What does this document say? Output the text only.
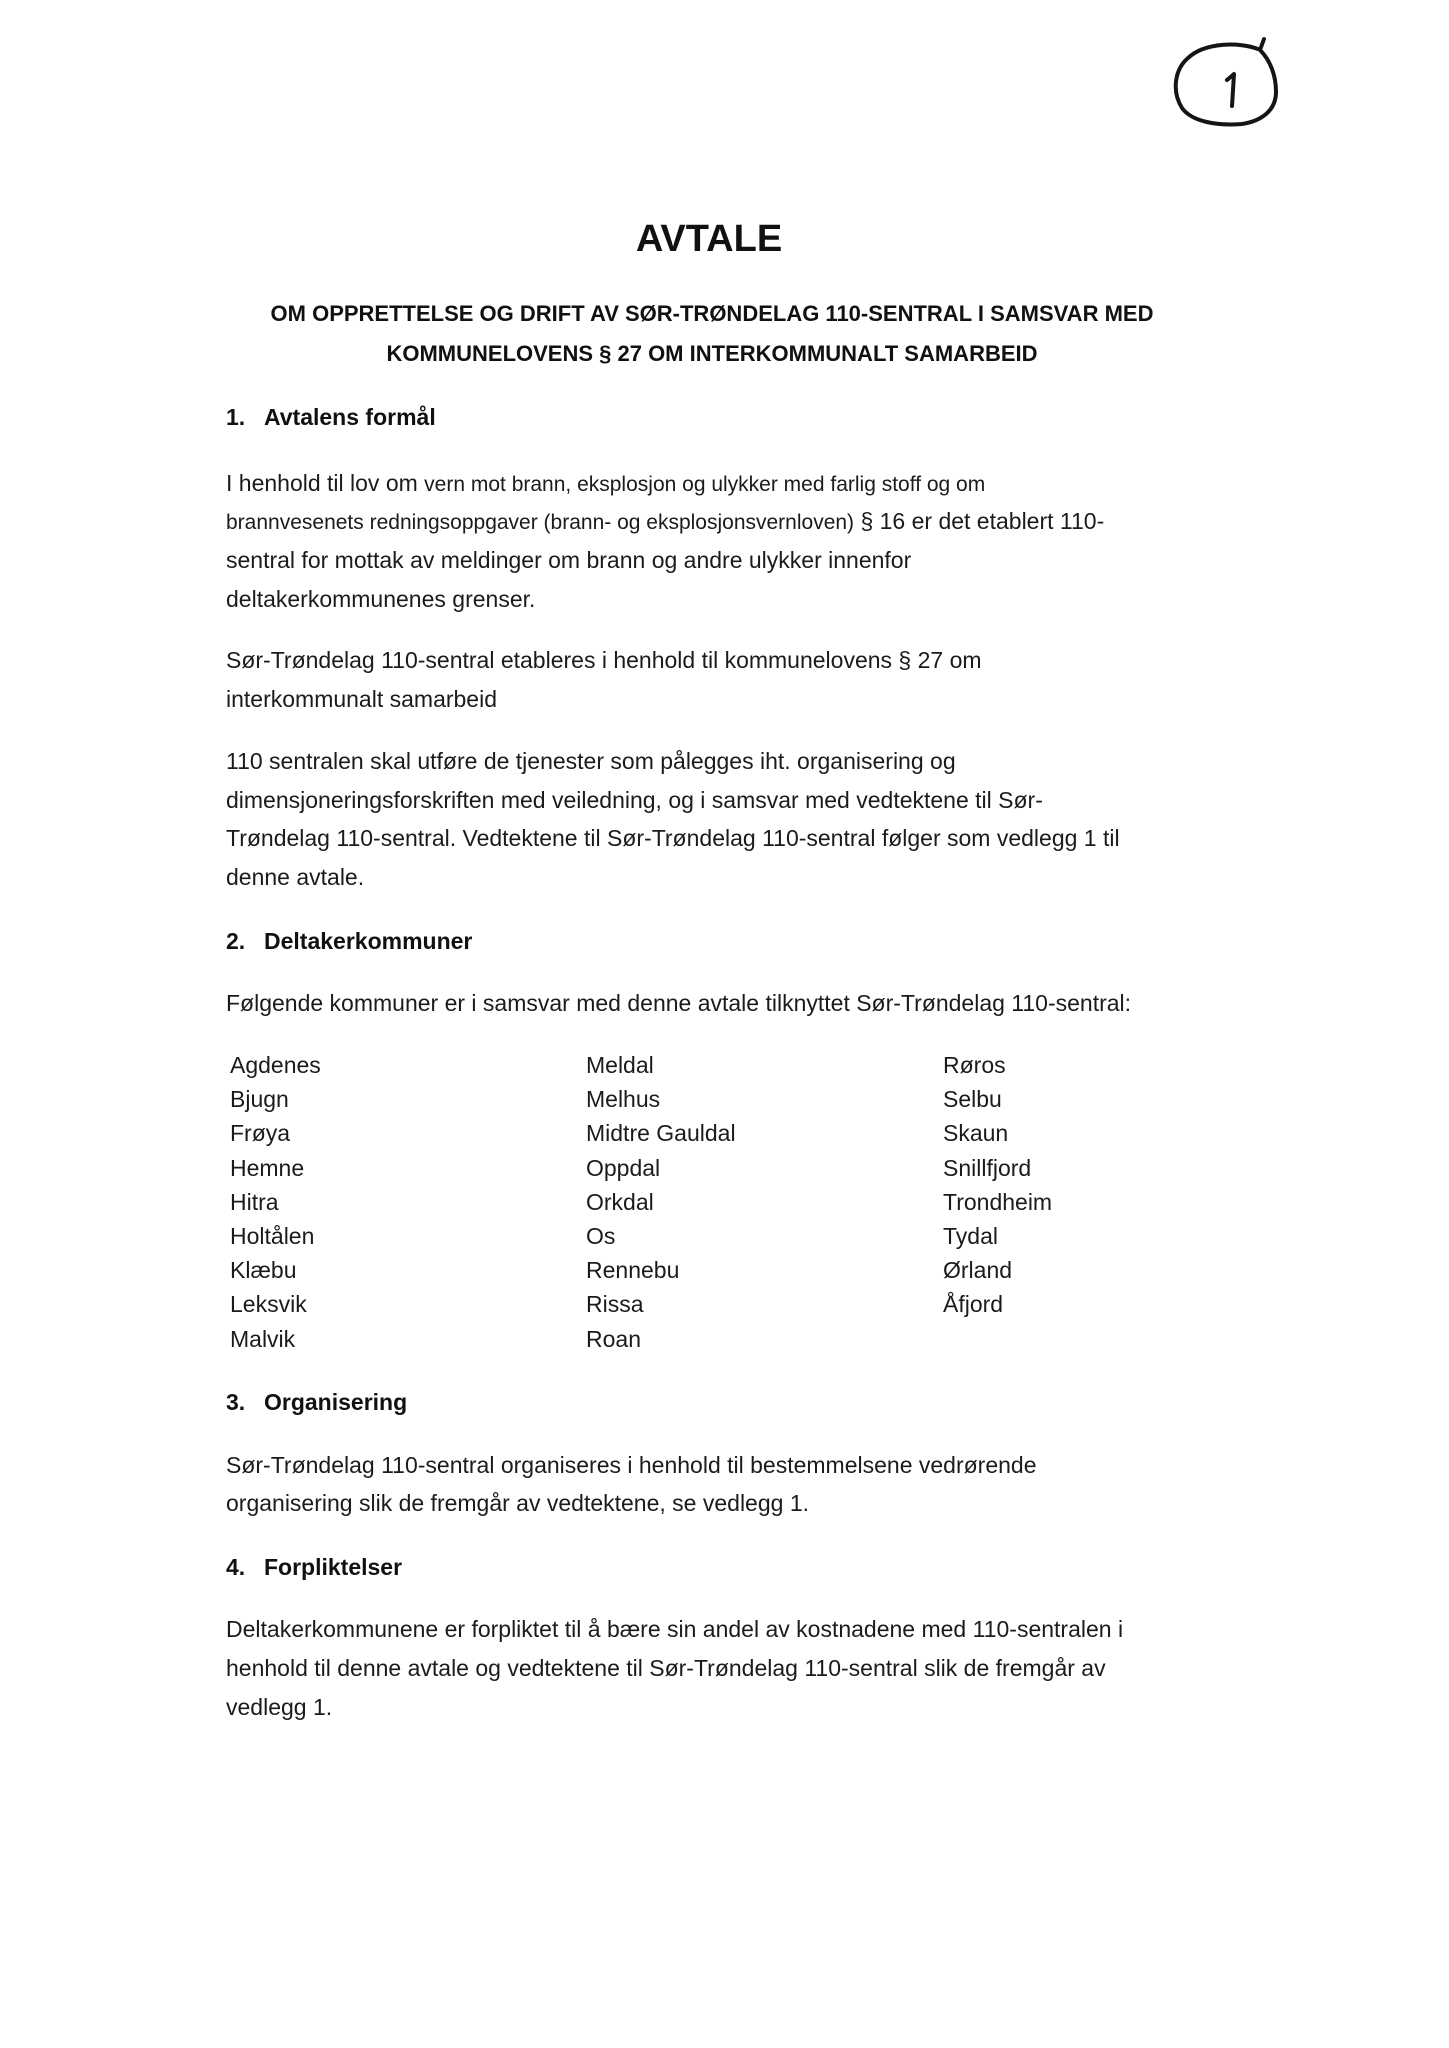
AVTALE
OM OPPRETTELSE OG DRIFT AV SØR-TRØNDELAG 110-SENTRAL I SAMSVAR MED
KOMMUNELOVENS § 27 OM INTERKOMMUNALT SAMARBEID
1. Avtalens formål
I henhold til lov om vern mot brann, eksplosjon og ulykker med farlig stoff og om
brannvesenets redningsoppgaver (brann- og eksplosjonsvernloven) § 16 er det etablert 110-
sentral for mottak av meldinger om brann og andre ulykker innenfor
deltakerkommunenes grenser.
Sør-Trøndelag 110-sentral etableres i henhold til kommunelovens § 27 om
interkommunalt samarbeid
110 sentralen skal utføre de tjenester som pålegges iht. organisering og
dimensjoneringsforskriften med veiledning, og i samsvar med vedtektene til Sør-
Trøndelag 110-sentral. Vedtektene til Sør-Trøndelag 110-sentral følger som vedlegg 1 til
denne avtale.
2. Deltakerkommuner
Følgende kommuner er i samsvar med denne avtale tilknyttet Sør-Trøndelag 110-sentral:
Agdenes
Bjugn
Frøya
Hemne
Hitra
Holtålen
Klæbu
Leksvik
Malvik
Meldal
Melhus
Midtre Gauldal
Oppdal
Orkdal
Os
Rennebu
Rissa
Roan
Røros
Selbu
Skaun
Snillfjord
Trondheim
Tydal
Ørland
Åfjord
3. Organisering
Sør-Trøndelag 110-sentral organiseres i henhold til bestemmelsene vedrørende
organisering slik de fremgår av vedtektene, se vedlegg 1.
4. Forpliktelser
Deltakerkommunene er forpliktet til å bære sin andel av kostnadene med 110-sentralen i
henhold til denne avtale og vedtektene til Sør-Trøndelag 110-sentral slik de fremgår av
vedlegg 1.
